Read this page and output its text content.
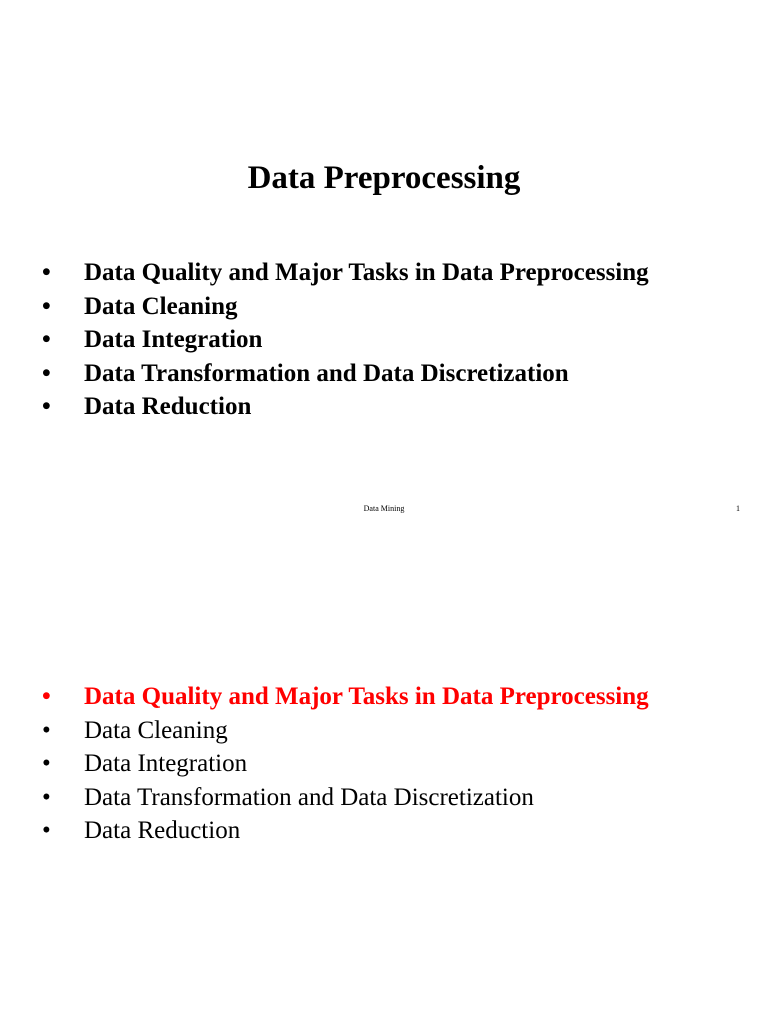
Data Preprocessing
• Data Quality and Major Tasks in Data Preprocessing
• Data Cleaning
• Data Integration
• Data Transformation and Data Discretization
• Data Reduction
Data Mining	1
• Data Quality and Major Tasks in Data Preprocessing
• Data Cleaning
• Data Integration
• Data Transformation and Data Discretization
• Data Reduction
